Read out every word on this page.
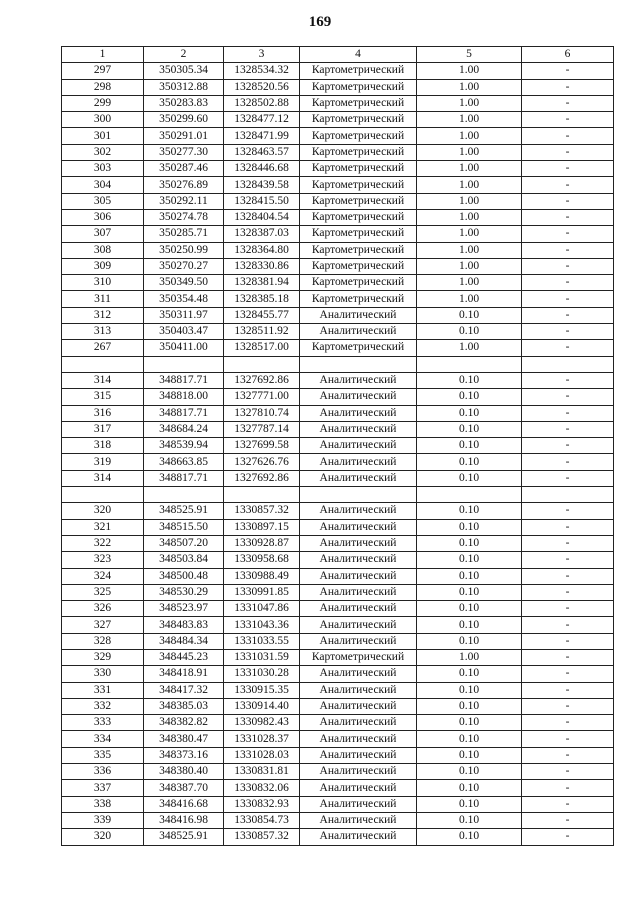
169
1	2	3	4	5	6
297	350305.34	1328534.32	Картометрический	1.00	-
298	350312.88	1328520.56	Картометрический	1.00	-
299	350283.83	1328502.88	Картометрический	1.00	-
300	350299.60	1328477.12	Картометрический	1.00	-
301	350291.01	1328471.99	Картометрический	1.00	-
302	350277.30	1328463.57	Картометрический	1.00	-
303	350287.46	1328446.68	Картометрический	1.00	-
304	350276.89	1328439.58	Картометрический	1.00	-
305	350292.11	1328415.50	Картометрический	1.00	-
306	350274.78	1328404.54	Картометрический	1.00	-
307	350285.71	1328387.03	Картометрический	1.00	-
308	350250.99	1328364.80	Картометрический	1.00	-
309	350270.27	1328330.86	Картометрический	1.00	-
310	350349.50	1328381.94	Картометрический	1.00	-
311	350354.48	1328385.18	Картометрический	1.00	-
312	350311.97	1328455.77	Аналитический	0.10	-
313	350403.47	1328511.92	Аналитический	0.10	-
267	350411.00	1328517.00	Картометрический	1.00	-

314	348817.71	1327692.86	Аналитический	0.10	-
315	348818.00	1327771.00	Аналитический	0.10	-
316	348817.71	1327810.74	Аналитический	0.10	-
317	348684.24	1327787.14	Аналитический	0.10	-
318	348539.94	1327699.58	Аналитический	0.10	-
319	348663.85	1327626.76	Аналитический	0.10	-
314	348817.71	1327692.86	Аналитический	0.10	-

320	348525.91	1330857.32	Аналитический	0.10	-
321	348515.50	1330897.15	Аналитический	0.10	-
322	348507.20	1330928.87	Аналитический	0.10	-
323	348503.84	1330958.68	Аналитический	0.10	-
324	348500.48	1330988.49	Аналитический	0.10	-
325	348530.29	1330991.85	Аналитический	0.10	-
326	348523.97	1331047.86	Аналитический	0.10	-
327	348483.83	1331043.36	Аналитический	0.10	-
328	348484.34	1331033.55	Аналитический	0.10	-
329	348445.23	1331031.59	Картометрический	1.00	-
330	348418.91	1331030.28	Аналитический	0.10	-
331	348417.32	1330915.35	Аналитический	0.10	-
332	348385.03	1330914.40	Аналитический	0.10	-
333	348382.82	1330982.43	Аналитический	0.10	-
334	348380.47	1331028.37	Аналитический	0.10	-
335	348373.16	1331028.03	Аналитический	0.10	-
336	348380.40	1330831.81	Аналитический	0.10	-
337	348387.70	1330832.06	Аналитический	0.10	-
338	348416.68	1330832.93	Аналитический	0.10	-
339	348416.98	1330854.73	Аналитический	0.10	-
320	348525.91	1330857.32	Аналитический	0.10	-
